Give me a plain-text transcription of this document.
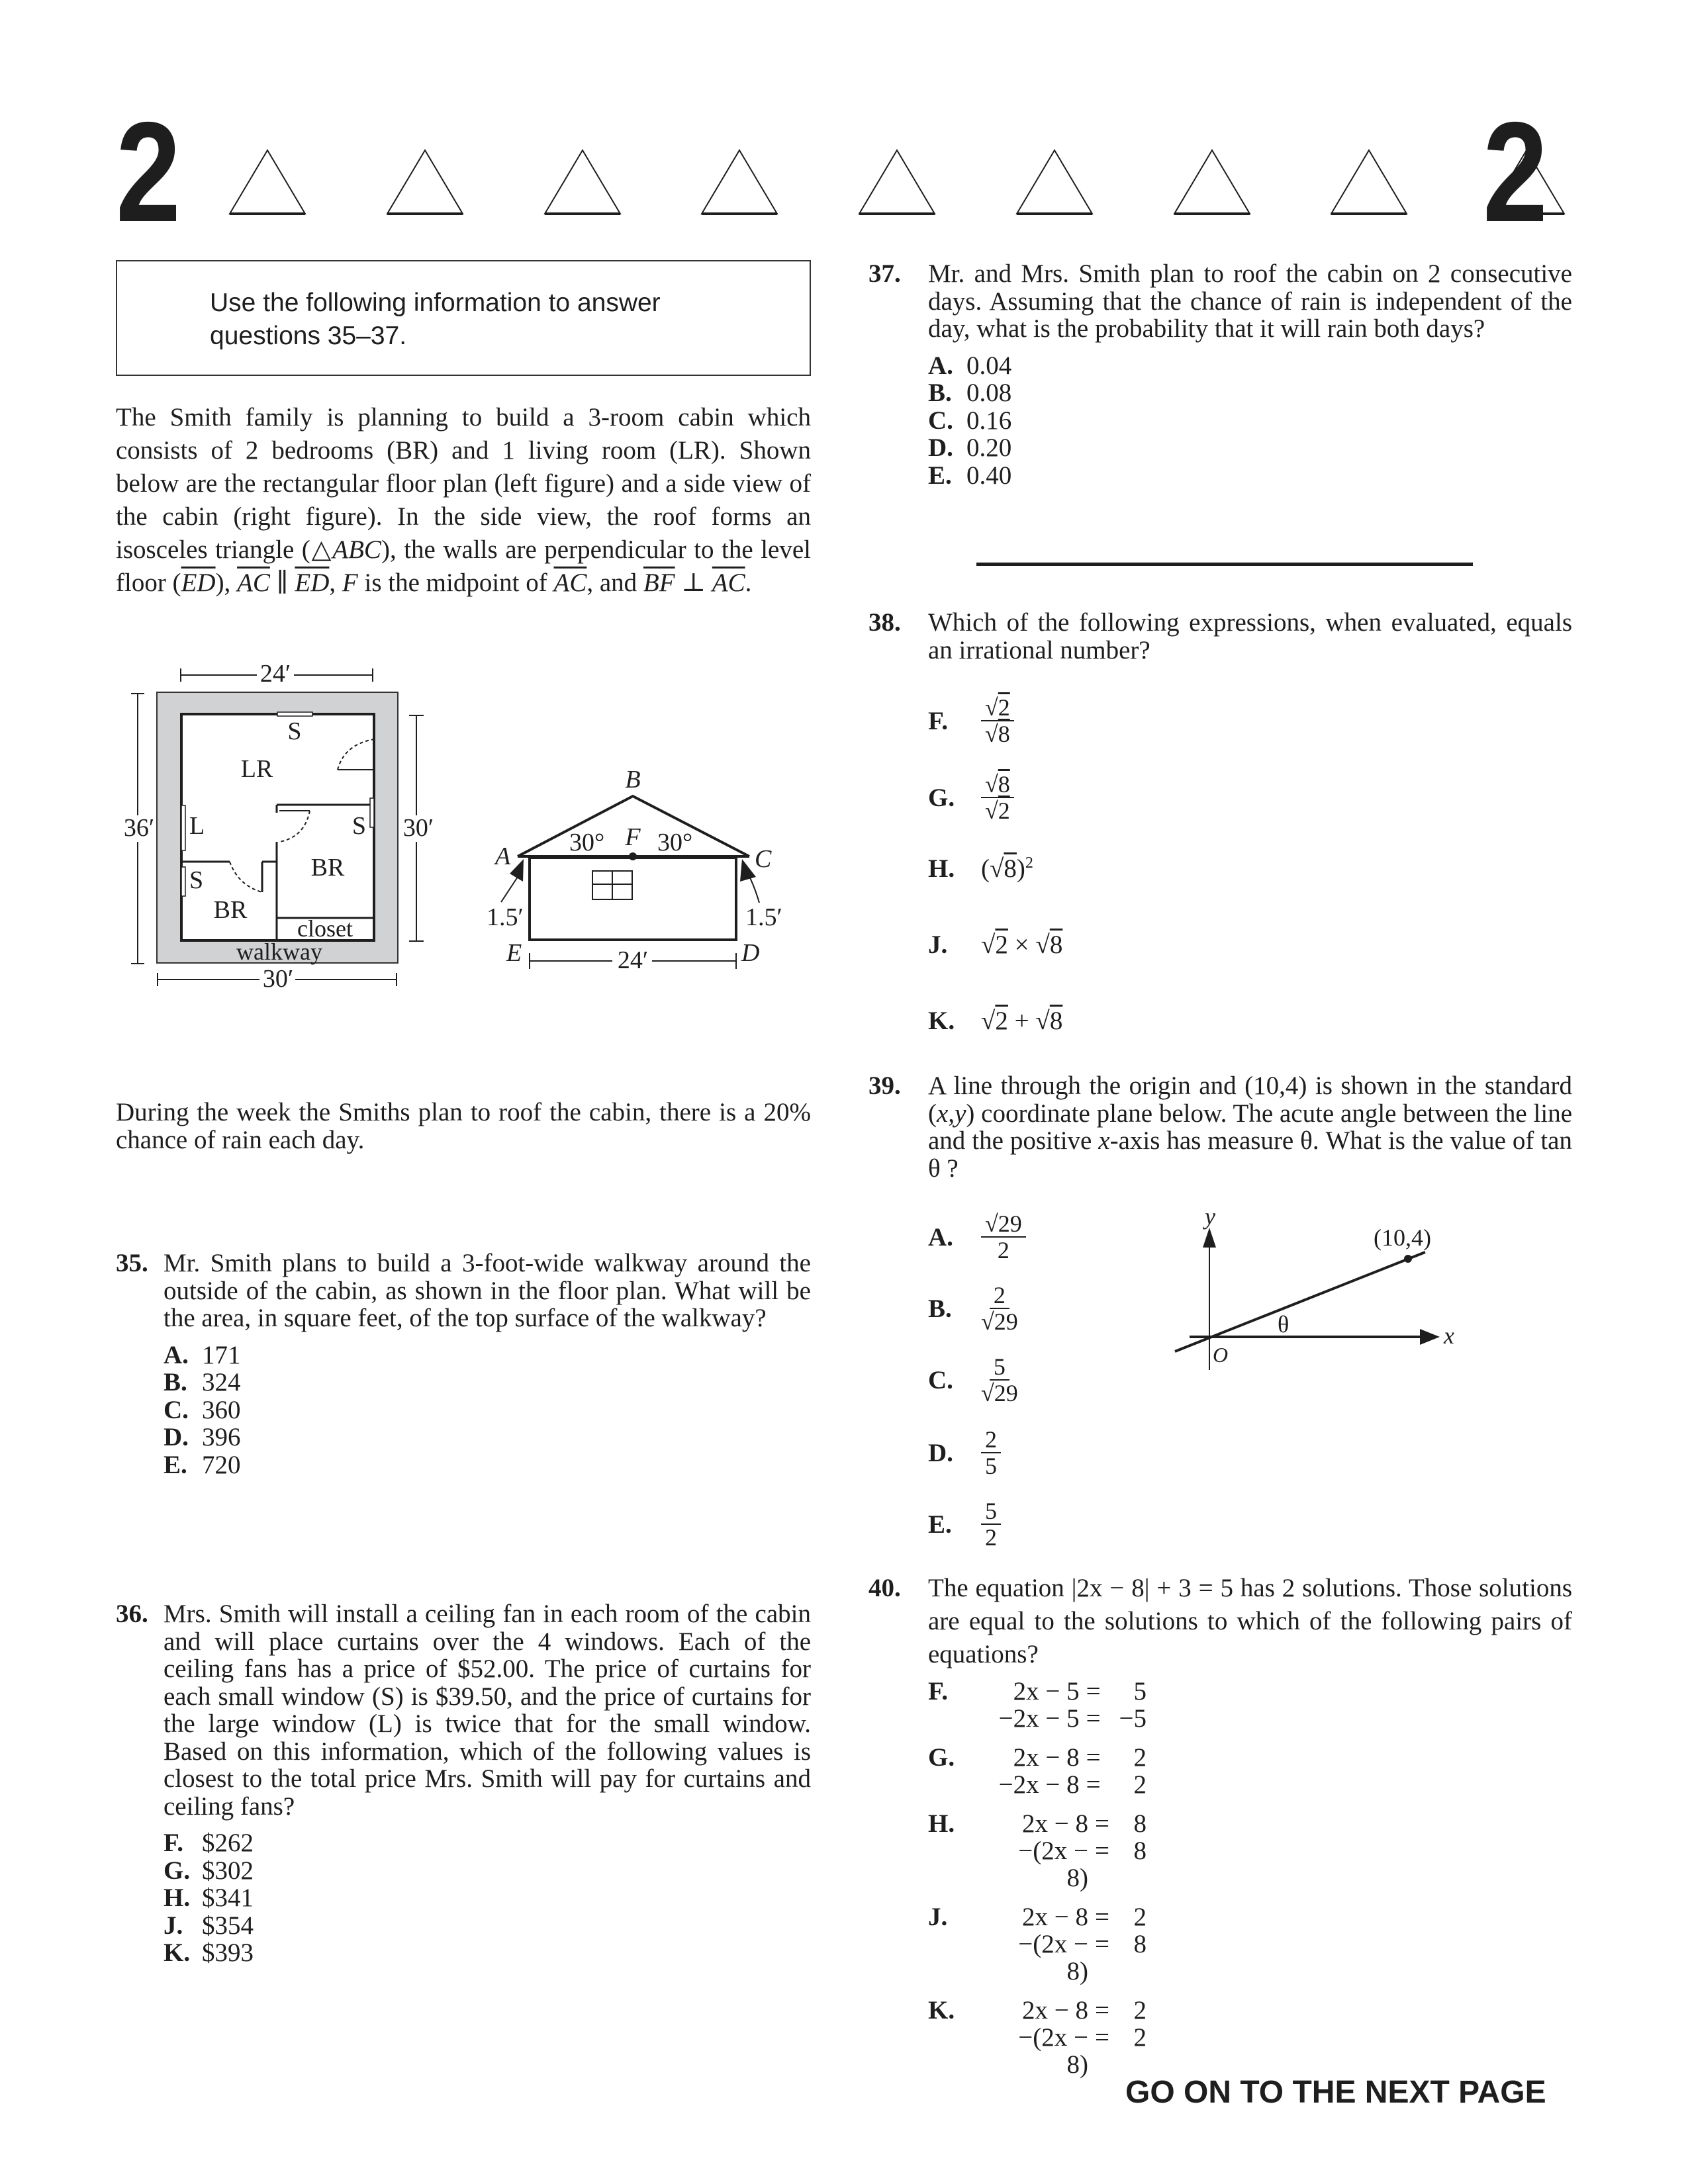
2	2
Use the following information to answer questions 35–37.
The Smith family is planning to build a 3-room cabin which consists of 2 bedrooms (BR) and 1 living room (LR). Shown below are the rectangular floor plan (left figure) and a side view of the cabin (right figure). In the side view, the roof forms an isosceles triangle (△ABC), the walls are perpendicular to the level floor $(\overline{ED})$, $\overline{AC}$ ∥ $\overline{ED}$, F is the midpoint of $\overline{AC}$, and $\overline{BF}$ ⊥ $\overline{AC}$.
24′
S
LR
S
L
BR
S
BR
closet
walkway
36′	30′
30′
B
A	C
F
30° 30°
1.5′	1.5′
E	D
24′
During the week the Smiths plan to roof the cabin, there is a 20% chance of rain each day.
35. Mr. Smith plans to build a 3-foot-wide walkway around the outside of the cabin, as shown in the floor plan. What will be the area, in square feet, of the top surface of the walkway?
A. 171
B. 324
C. 360
D. 396
E. 720
36. Mrs. Smith will install a ceiling fan in each room of the cabin and will place curtains over the 4 windows. Each of the ceiling fans has a price of $52.00. The price of curtains for each small window (S) is $39.50, and the price of curtains for the large window (L) is twice that for the small window. Based on this information, which of the following values is closest to the total price Mrs. Smith will pay for curtains and ceiling fans?
F. $262
G. $302
H. $341
J. $354
K. $393
37. Mr. and Mrs. Smith plan to roof the cabin on 2 consecutive days. Assuming that the chance of rain is independent of the day, what is the probability that it will rain both days?
A. 0.04
B. 0.08
C. 0.16
D. 0.20
E. 0.40
38. Which of the following expressions, when evaluated, equals an irrational number?
F.	$\frac{√2}{√8}$
G.	$\frac{√8}{√2}$
H.	$(√8)^2$
J.	√2 × √8
K.	√2 + √8
39. A line through the origin and (10,4) is shown in the standard (x,y) coordinate plane below. The acute angle between the line and the positive x-axis has measure θ. What is the value of tan θ ?
A.	$\frac{√29}{2}$
B.	$\frac{2}{√29}$
C.	$\frac{5}{√29}$
D.	$\frac{2}{5}$
E.	$\frac{5}{2}$
y
(10,4)
θ	x
O
40. The equation |2x − 8| + 3 = 5 has 2 solutions. Those solutions are equal to the solutions to which of the following pairs of equations?
F.	2x − 5 =	5
−2x − 5 = −5
G.	2x − 8 =	2
−2x − 8 =	2
H.	2x − 8 = 8
−(2x − 8)
= 8
J.	2x − 8 = 2
−(2x − 8)
= 8
K.	2x − 8 = 2
−(2x − 8)
= 2
GO ON TO THE NEXT PAGE
